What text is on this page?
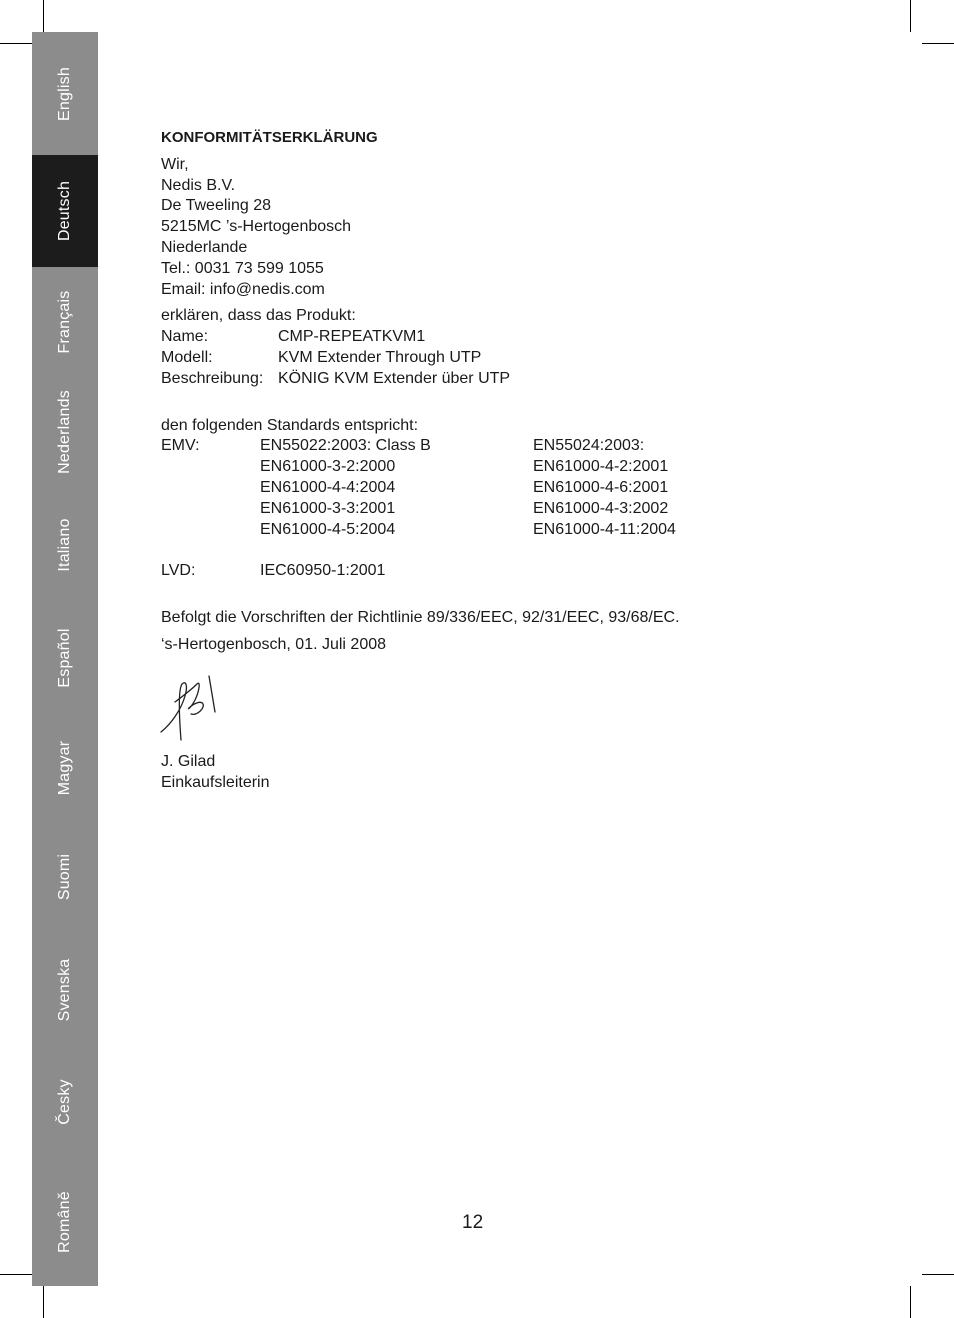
English
Deutsch
Français
Nederlands
Italiano
Español
Magyar
Suomi
Svenska
Česky
Româně
KONFORMITÄTSERKLÄRUNG
Wir,
Nedis B.V.
De Tweeling 28
5215MC ’s-Hertogenbosch
Niederlande
Tel.: 0031 73 599 1055
Email: info@nedis.com
erklären, dass das Produkt:
Name:	CMP-REPEATKVM1
Modell:	KVM Extender Through UTP
Beschreibung: KÖNIG KVM Extender über UTP
den folgenden Standards entspricht:
EMV:	EN55022:2003: Class B	EN55024:2003:
EN61000-3-2:2000	EN61000-4-2:2001
EN61000-4-4:2004	EN61000-4-6:2001
EN61000-3-3:2001	EN61000-4-3:2002
EN61000-4-5:2004	EN61000-4-11:2004
LVD:	IEC60950-1:2001
Befolgt die Vorschriften der Richtlinie 89/336/EEC, 92/31/EEC, 93/68/EC.
‘s-Hertogenbosch, 01. Juli 2008
J. Gilad
Einkaufsleiterin
12
